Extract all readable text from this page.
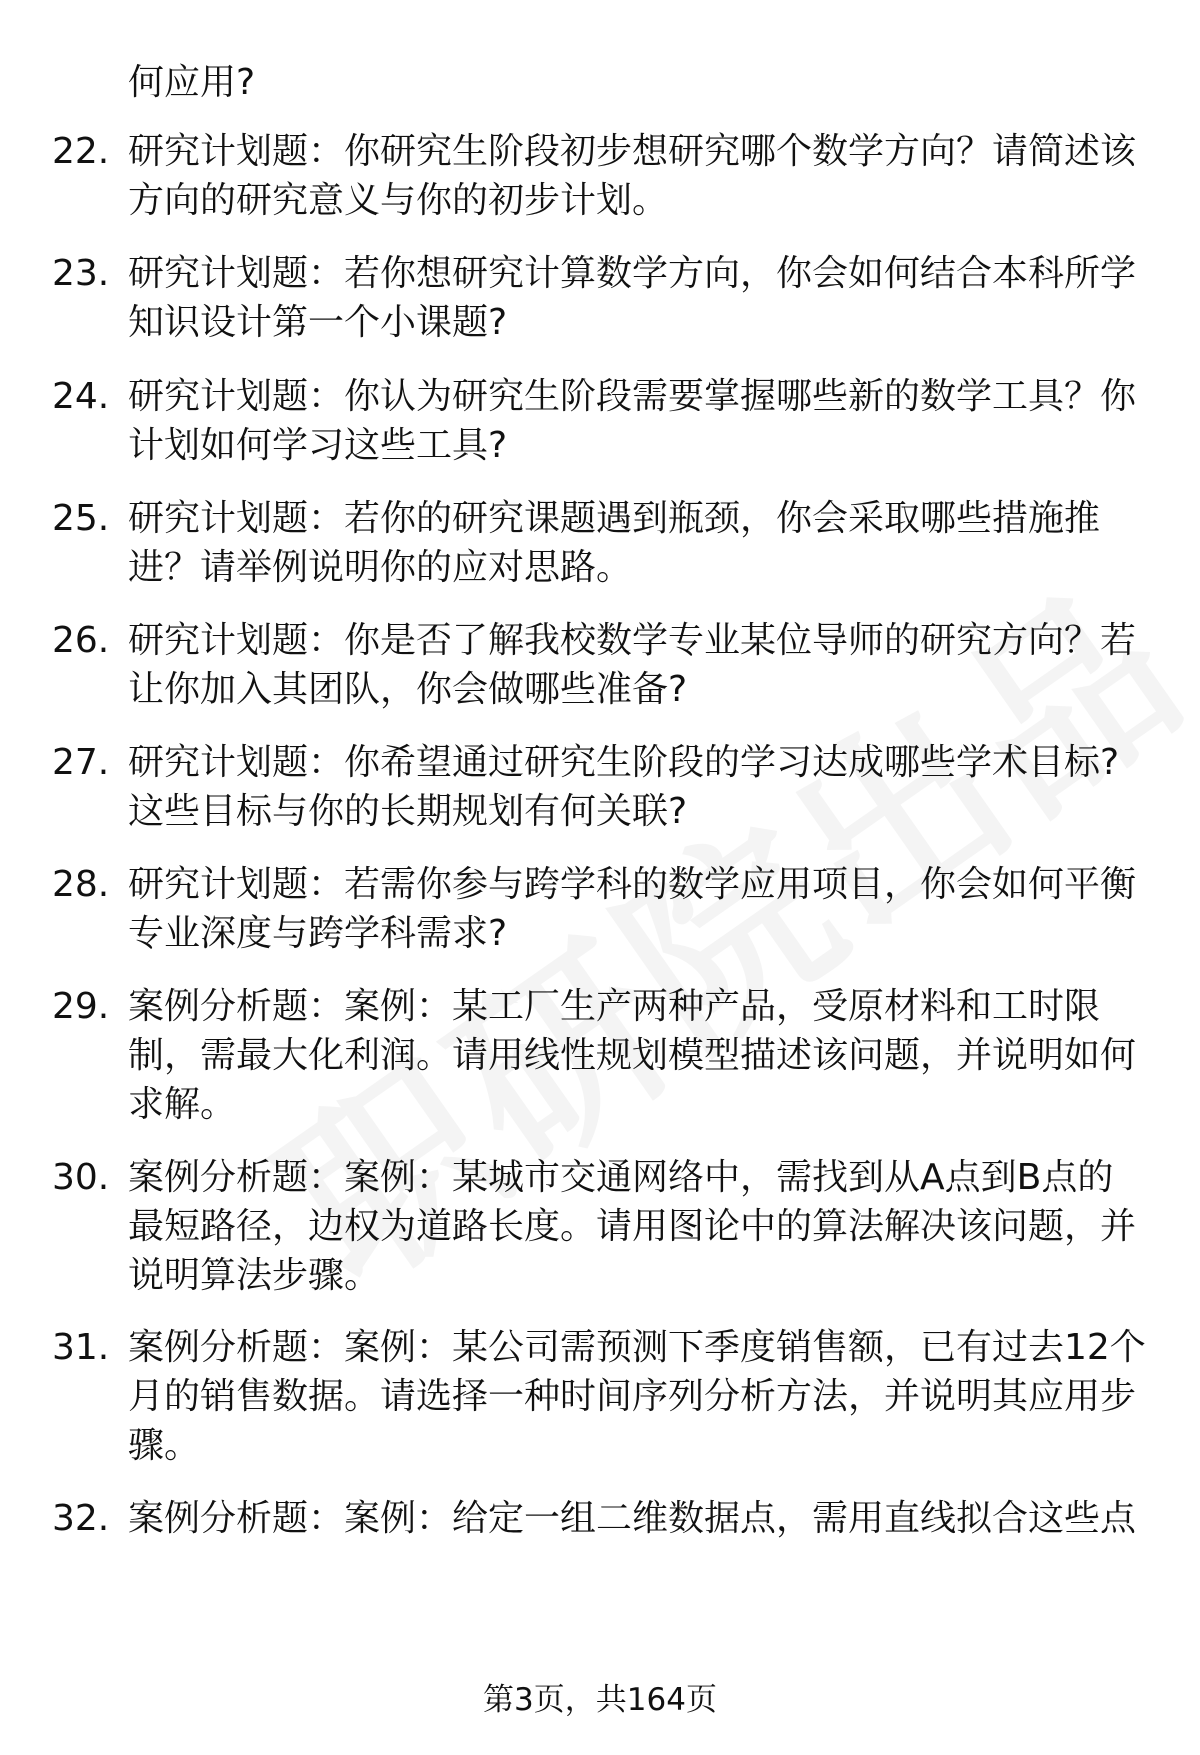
何应用?

22. 研究计划题：你研究生阶段初步想研究哪个数学方向？请简述该方向的研究意义与你的初步计划。
23. 研究计划题：若你想研究计算数学方向，你会如何结合本科所学知识设计第一个小课题?
24. 研究计划题：你认为研究生阶段需要掌握哪些新的数学工具？你计划如何学习这些工具?
25. 研究计划题：若你的研究课题遇到瓶颈，你会采取哪些措施推进？请举例说明你的应对思路。
26. 研究计划题：你是否了解我校数学专业某位导师的研究方向？若让你加入其团队，你会做哪些准备?
27. 研究计划题：你希望通过研究生阶段的学习达成哪些学术目标?这些目标与你的长期规划有何关联?
28. 研究计划题：若需你参与跨学科的数学应用项目，你会如何平衡专业深度与跨学科需求?
29. 案例分析题：案例：某工厂生产两种产品，受原材料和工时限制，需最大化利润。请用线性规划模型描述该问题，并说明如何求解。
30. 案例分析题：案例：某城市交通网络中，需找到从A点到B点的最短路径，边权为道路长度。请用图论中的算法解决该问题，并说明算法步骤。
31. 案例分析题：案例：某公司需预测下季度销售额，已有过去12个月的销售数据。请选择一种时间序列分析方法，并说明其应用步骤。
32. 案例分析题：案例：给定一组二维数据点，需用直线拟合这些点
第3页，共164页
